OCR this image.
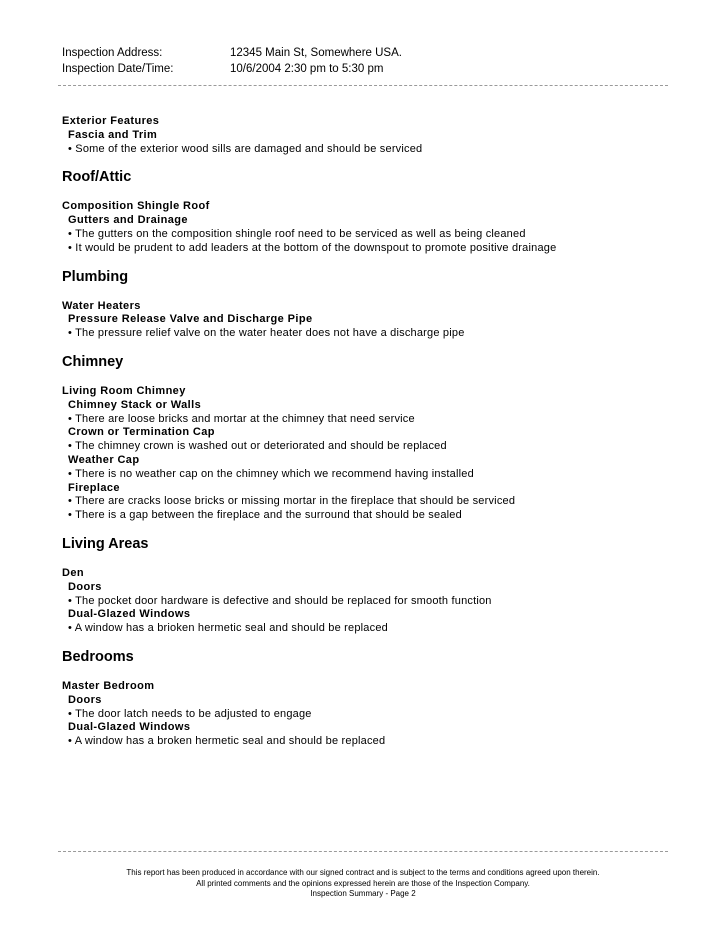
Inspection Address:	12345 Main St, Somewhere USA.
Inspection Date/Time:	10/6/2004 2:30 pm to 5:30 pm
Exterior Features
Fascia and Trim
• Some of the exterior wood sills are damaged and should be serviced
Roof/Attic
Composition Shingle Roof
Gutters and Drainage
• The gutters on the composition shingle roof need to be serviced as well as being cleaned
• It would be prudent to add leaders at the bottom of the downspout to promote positive drainage
Plumbing
Water Heaters
Pressure Release Valve and Discharge Pipe
• The pressure relief valve on the water heater does not have a discharge pipe
Chimney
Living Room Chimney
Chimney Stack or Walls
• There are loose bricks and mortar at the chimney that need service
Crown or Termination Cap
• The chimney crown is washed out or deteriorated and should be replaced
Weather Cap
• There is no weather cap on the chimney which we recommend having installed
Fireplace
• There are cracks loose bricks or missing mortar in the fireplace that should be serviced
• There is a gap between the fireplace and the surround that should be sealed
Living Areas
Den
Doors
• The pocket door hardware is defective and should be replaced for smooth function
Dual-Glazed Windows
• A window has a brioken hermetic seal and should be replaced
Bedrooms
Master Bedroom
Doors
• The door latch needs to be adjusted to engage
Dual-Glazed Windows
• A window has a broken hermetic seal and should be replaced
This report has been produced in accordance with our signed contract and is subject to the terms and conditions agreed upon therein.
All printed comments and the opinions expressed herein are those of the Inspection Company.
Inspection Summary - Page 2
